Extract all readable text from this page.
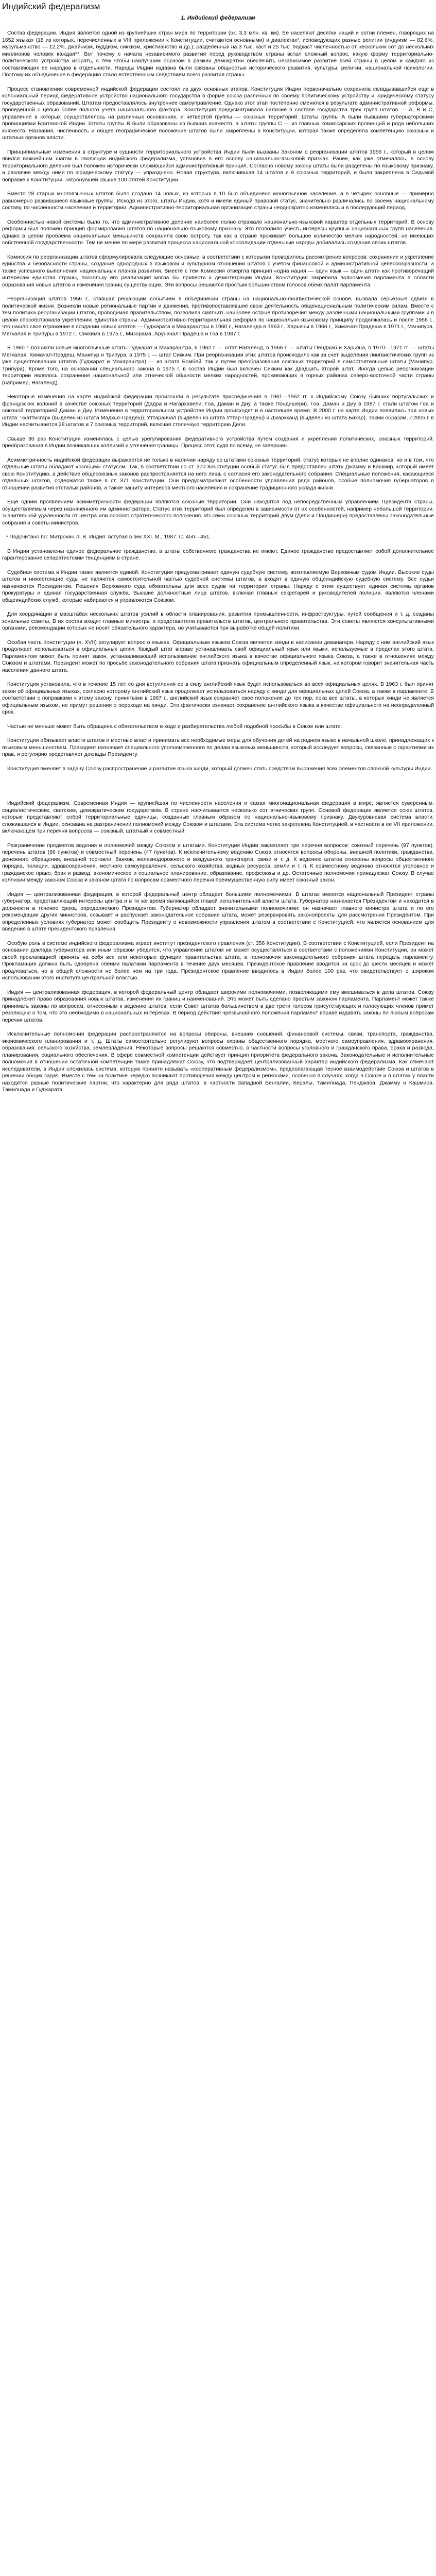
Индийский федерализм
1. Индийский федерализм

Состав федерации. Индия является одной из крупнейших стран мира по территории (ок. 3,3 млн. кв. км). Ее населяют десятки наций и сотни племен, говорящих на 1652 языках (18 из которых, перечисленных в VIII приложении к Конституции, считаются основными) и диалектах¹, исповедующих разные религии (индуизм — 82,6%, мусульманство — 12,2%, джайнизм, буддизм, сикхизм, христианство и др.), разделенных на 3 тыс. каст и 25 тыс. подкаст численностью от нескольких сот до нескольких миллионов человек каждая**. Вот почему с начала независимого развития перед руководством страны встал сложный вопрос, какую форму территориально-политического устройства избрать, с тем чтобы наилучшим образом в рамках демократии обеспечить независимое развитие всей страны в целом и каждого из составляющих ее народов в отдельности. Народы Индии издавна были связаны общностью исторического развития, культуры, религии, национальной психологии. Поэтому их объединение в федерацию стало естественным следствием всего развития страны.

Процесс становления современной индийской федерации состоял из двух основных этапов. Конституция Индии первоначально сохранила складывавшийся еще в колониальный период федеративное устройство национального государства в форме союза различных по своему политическому устройству и юридическому статусу государственных образований. Штатам предоставлялось внутреннее самоуправление. Однако этот этап постепенно сменился в результате административной реформы, проведенной с целью более полного учета национального фактора. Конституция предусматривала наличие в составе государства трех групп штатов — А, В и С, управление в которых осуществлялось на различных основаниях, и четвертой группы — союзных территорий. Штаты группы А были бывшими губернаторскими провинциями Британской Индии. Штаты группы В были образованы из бывших княжеств, а штаты группы С — из главных комиссарских провинций и ряда небольших княжеств. Названия, численность и общее географическое положение штатов были закреплены в Конституции, которая также определяла компетенцию союзных и штатных органов власти.

Принципиальные изменения в структуре и сущности территориального устройства Индии были вызваны Законом о реорганизации штатов 1956 г., который в целом явился важнейшим шагом в эволюции индийского федерализма, установив в его основу национально-языковой признак. Ранее, как уже отмечалось, в основу территориального деления был положен исторически сложившийся административный принцип. Согласно новому закону штаты были разделены по языковому признаку, а различие между ними по юридическому статусу — упразднено. Новая структура, включившая 14 штатов и 6 союзных территорий, и была закреплена в Седьмой поправке к Конституции, затронувшей свыше 100 статей Конституции.

Вместо 28 старых многоязычных штатов было создано 14 новых, из которых в 10 был объединено моноязычное население, а в четырех основные — примерно равномерно развившиеся языковые группы. Исходя из этого, штаты Индии, хотя и имели единый правовой статус, значительно различались по своему национальному составу, по численности населения и территории. Административно-территориальная организация страны неоднократно изменялась и в последующий период.

Особенностью новой системы было то, что административное деление наиболее полно отражало национально-языковой характер отдельных территорий. В основу реформы был положен принцип формирования штатов по национально-языковому признаку. Это позволило учесть интересы крупных национальных групп населения, однако в целом проблема национальных меньшинств сохранила свою остроту, так как в стране проживает большое количество мелких народностей, не имеющих собственной государственности. Тем не менее по мере развития процесса национальной консолидации отдельные народы добивались создания своих штатов.

Комиссия по реорганизации штатов сформулировала следующие основные, в соответствии с которыми проводилось рассмотрение вопросов: сохранение и укрепление единства и безопасности страны, создание однородных в языковом и культурном отношении штатов с учетом финансовой и административной целесообразности, а также успешного выполнения национальных планов развития. Вместе с тем Комиссия отвергла принцип «одна нация — один язык — один штат» как противоречащий интересам единства страны, поскольку его реализация могла бы привести к дезинтеграции Индии. Конституция закрепила полномочия парламента в области образования новых штатов и изменения границ существующих. Эти вопросы решаются простым большинством голосов обеих палат парламента.

Реорганизация штатов 1956 г., ставшая решающим событием в объединении страны на национально-лингвистической основе, вызвала серьезные сдвиги в политической жизни. Возникли новые региональные партии и движения, противопоставлявшие свою деятельность общенациональным политическим силам. Вместе с тем политика реорганизации штатов, проводимая правительством, позволила смягчить наиболее острые противоречия между различными национальными группами и в целом способствовала укреплению единства страны. Административно-территориальная реформа по национально-языковому принципу продолжалась и после 1956 г., что нашло свое отражение в создании новых штатов — Гуджарата и Махараштры в 1960 г., Нагаленда в 1963 г., Харьяны в 1966 г., Химачал-Прадеша в 1971 г., Манипура, Мегхалая и Трипуры в 1972 г., Сиккима в 1975 г., Мизорама, Аруначал-Прадеша и Гоа в 1987 г.

В 1960 г. возникли новые многоязычные штаты Гуджарат и Махараштра, в 1962 г. — штат Нагаленд, в 1966 г. — штаты Пенджаб и Харьяна, в 1970—1971 гг. — штаты Мегхалая, Химачал-Прадеш, Манипур и Трипура, в 1975 г. — штат Сикким. При реорганизации этих штатов происходило как за счет выделения лингвистических групп из уже существовавших штатов (Гуджарат и Махараштра) — из штата Бомбей, так и путем преобразования союзных территорий в самостоятельные штаты (Манипур, Трипура). Кроме того, на основании специального закона в 1975 г. в состав Индии был включен Сикким как двадцать второй штат. Иногда целью реорганизации территории являлось сохранение национальной или этнической общности мелких народностей, проживающих в горных районах северо-восточной части страны (например, Нагаленд).

Некоторые изменения на карте индийской федерации произошли в результате присоединения в 1961—1962 гг. к Индийскому Союзу бывших португальских и французских колоний в качестве союзных территорий (Дадра и Нагархавели, Гоа, Даман и Диу, а также Пондишери). Гоа, Даман и Диу в 1987 г. стали штатом Гоа и союзной территорией Даман и Диу. Изменения в территориальном устройстве Индии происходят и в настоящее время. В 2000 г. на карте Индии появились три новых штата: Чхаттисгарх (выделен из штата Мадхья-Прадеш), Уттаранчал (выделен из штата Уттар-Прадеш) и Джаркханд (выделен из штата Бихар). Таким образом, к 2005 г. в Индии насчитывается 28 штатов и 7 союзных территорий, включая столичную территорию Дели.

Свыше 30 раз Конституция изменялась с целью урегулирования федеративного устройства путем создания и укрепления политических, союзных территорий, преобразования в Индии возникавших коллизий и уточнения границы. Процесс этот, судя по всему, не завершен.

Асимметричность индийской федерации выражается не только в наличии наряду со штатами союзных территорий, статус которых не вполне одинаков, но и в том, что отдельные штаты обладают «особым» статусом. Так, в соответствии со ст. 370 Конституции особый статус был предоставлен штату Джамму и Кашмир, который имеет свою Конституцию, а действие общесоюзных законов распространяется на него лишь с согласия его законодательного собрания. Специальные положения, касающиеся отдельных штатов, содержатся также в ст. 371 Конституции. Они предусматривают особенности управления ряда районов, особые полномочия губернаторов в отношении развития отсталых районов, а также защиту интересов местного населения и сохранение традиционного уклада жизни.

Еще одним проявлением асимметричности федерации являются союзные территории. Они находятся под непосредственным управлением Президента страны, осуществляемым через назначенного им администратора. Статус этих территорий был определен в зависимости от их особенностей, например небольшой территории, значительной удаленности от центра или особого стратегического положения. Из семи союзных территорий двум (Дели и Пондишери) предоставлены законодательные собрания и советы министров.

¹ Подсчитано по: Митрохин Л. В. Индия: вступая в век XXI. М., 1987. С. 450—451.

В Индии установлены единое федеральное гражданство, а штаты собственного гражданства не имеют. Единое гражданство предоставляет собой дополнительное гарантирование сепаратистским тенденциям в стране.

Судебная система в Индии также является единой. Конституция предусматривает единую судебную систему, возглавляемую Верховным судом Индии. Высокие суды штатов и нижестоящие суды не являются самостоятельной частью судебной системы штатов, а входят в единую общеиндийскую судебную систему. Все судьи назначаются Президентом. Решения Верховного суда обязательны для всех судов на территории страны. Наряду с этим существует единая система органов прокуратуры и единая государственная служба. Высшие должностные лица штатов, включая главных секретарей и руководителей полиции, являются членами общеиндийских служб, которые набираются и управляются Союзом.

Для координации в масштабах нескольких штатов усилий в области планирования, развития промышленности, инфраструктуры, путей сообщения и т. д. созданы зональные советы. В их состав входят главные министры и представители правительств штатов, центрального правительства. Эти советы являются консультативными органами, рекомендации которых не носят обязательного характера, но учитываются при выработке общей политики.

Особая часть Конституции (ч. XVII) регулирует вопрос о языках. Официальным языком Союза является хинди в написании деванагари. Наряду с ним английский язык продолжает использоваться в официальных целях. Каждый штат вправе устанавливать свой официальный язык или языки, используемые в пределах этого штата. Парламентом может быть принят закон, устанавливающий использование английского языка в качестве официального языка Союза, а также в отношениях между Союзом и штатами. Президент может по просьбе законодательного собрания штата признать официальным определенный язык, на котором говорит значительная часть населения данного штата.

Конституция установила, что в течение 15 лет со дня вступления ее в силу английский язык будет использоваться во всех официальных целях. В 1963 г. был принят закон об официальных языках, согласно которому английский язык продолжает использоваться наряду с хинди для официальных целей Союза, а также в парламенте. В соответствии с поправками к этому закону, принятыми в 1967 г., английский язык сохраняет свое положение до тех пор, пока все штаты, в которых хинди не является официальным языком, не примут решения о переходе на хинди. Это фактически означает сохранение английского языка в качестве официального на неопределенный срок.

Частью не меньше может быть обращена с обязательством в ходе и разбирательства любой подобной просьбы в Союзе или штате.

Конституция обязывает власти штатов и местные власти принимать все необходимые меры для обучения детей на родном языке в начальной школе, принадлежащих к языковым меньшинствам. Президент назначает специального уполномоченного по делам языковых меньшинств, который исследует вопросы, связанные с гарантиями их прав, и регулярно представляет доклады Президенту.

Конституция вменяет в задачу Союзу распространение и развитие языка хинди, который должен стать средством выражения всех элементов сложной культуры Индии.

Индийский федерализм. Современная Индия — крупнейшая по численности населения и самая многонациональная федерация в мире, является суверенным, социалистическим, светским, демократическим государством. В стране насчитывается несколько сот этнических групп. Основой федерации является союз штатов, которые представляют собой территориальные единицы, созданные главным образом по национально-языковому признаку. Двухуровневая система власти, сложившаяся в Индии, основана на разграничении полномочий между Союзом и штатами. Эта система четко закреплена Конституцией, в частности в ее VII приложении, включающем три перечня вопросов — союзный, штатный и совместный.

Разграничение предметов ведения и полномочий между Союзом и штатами. Конституция Индии закрепляет три перечня вопросов: союзный перечень (97 пунктов), перечень штатов (66 пунктов) и совместный перечень (47 пунктов). К исключительному ведению Союза относятся вопросы обороны, внешней политики, гражданства, денежного обращения, внешней торговли, банков, железнодорожного и воздушного транспорта, связи и т. д. К ведению штатов отнесены вопросы общественного порядка, полиции, здравоохранения, местного самоуправления, сельского хозяйства, водных ресурсов, земли и т. п. К совместному ведению относятся уголовное и гражданское право, брак и развод, экономическое и социальное планирование, образование, профсоюзы и др. Остаточные полномочия принадлежат Союзу. В случае коллизии между законом Союза и законом штата по вопросам совместного перечня преимущественную силу имеет союзный закон.

Индия — централизованная федерация, в которой федеральный центр обладает большими полномочиями. В штатах имеются национальный Президент страны губернатор, представляющий интересы центра и в то же время являющийся главой исполнительной власти штата. Губернатор назначается Президентом и находится в должности в течение срока, определяемого Президентом. Губернатор обладает значительными полномочиями: он назначает главного министра штата и по его рекомендации других министров, созывает и распускает законодательное собрание штата, может резервировать законопроекты для рассмотрения Президентом. При определенных условиях губернатор может сообщить Президенту о невозможности управления штатом в соответствии с Конституцией, что является основанием для введения в штате президентского правления.

Особую роль в системе индийского федерализма играет институт президентского правления (ст. 356 Конституции). В соответствии с Конституцией, если Президент на основании доклада губернатора или иным образом убедится, что управление штатом не может осуществляться в соответствии с положениями Конституции, он может своей прокламацией принять на себя все или некоторые функции правительства штата, а полномочия законодательного собрания штата передать парламенту. Прокламация должна быть одобрена обеими палатами парламента в течение двух месяцев. Президентское правление вводится на срок до шести месяцев и может продлеваться, но в общей сложности не более чем на три года. Президентское правление вводилось в Индии более 100 раз, что свидетельствует о широком использовании этого института центральной властью.

Индия — централизованная федерация, в которой федеральный центр обладает широкими полномочиями, позволяющими ему вмешиваться в дела штатов. Союзу принадлежит право образования новых штатов, изменения их границ и наименований. Это может быть сделано простым законом парламента. Парламент может также принимать законы по вопросам, отнесенным к ведению штатов, если Совет штатов большинством в две трети голосов присутствующих и голосующих членов примет резолюцию о том, что это необходимо в национальных интересах. В период действия чрезвычайного положения парламент вправе издавать законы по любым вопросам перечня штатов.

Исключительные полномочия федерации распространяются на вопросы обороны, внешних сношений, финансовой системы, связи, транспорта, гражданства, экономического планирования и т. д. Штаты самостоятельно регулируют вопросы охраны общественного порядка, местного самоуправления, здравоохранения, образования, сельского хозяйства, землевладения. Некоторые вопросы решаются совместно, в частности вопросы уголовного и гражданского права, брака и развода, планирования, социального обеспечения. В сфере совместной компетенции действует принцип приоритета федерального закона. Законодательные и исполнительные полномочия в отношении остаточной компетенции также принадлежат Союзу, что подтверждает централизованный характер индийского федерализма. Как отмечают исследователи, в Индии сложилась система, которую принято называть «кооперативным федерализмом», предполагающая тесное взаимодействие Союза и штатов в решении общих задач. Вместе с тем на практике нередко возникают противоречия между центром и регионами, особенно в случаях, когда в Союзе и в штатах у власти находятся разные политические партии, что характерно для ряда штатов, в частности Западной Бенгалии, Кералы, Тамилнада, Пенджаба, Джамму и Кашмира, Тамилнада и Гуджарата.
